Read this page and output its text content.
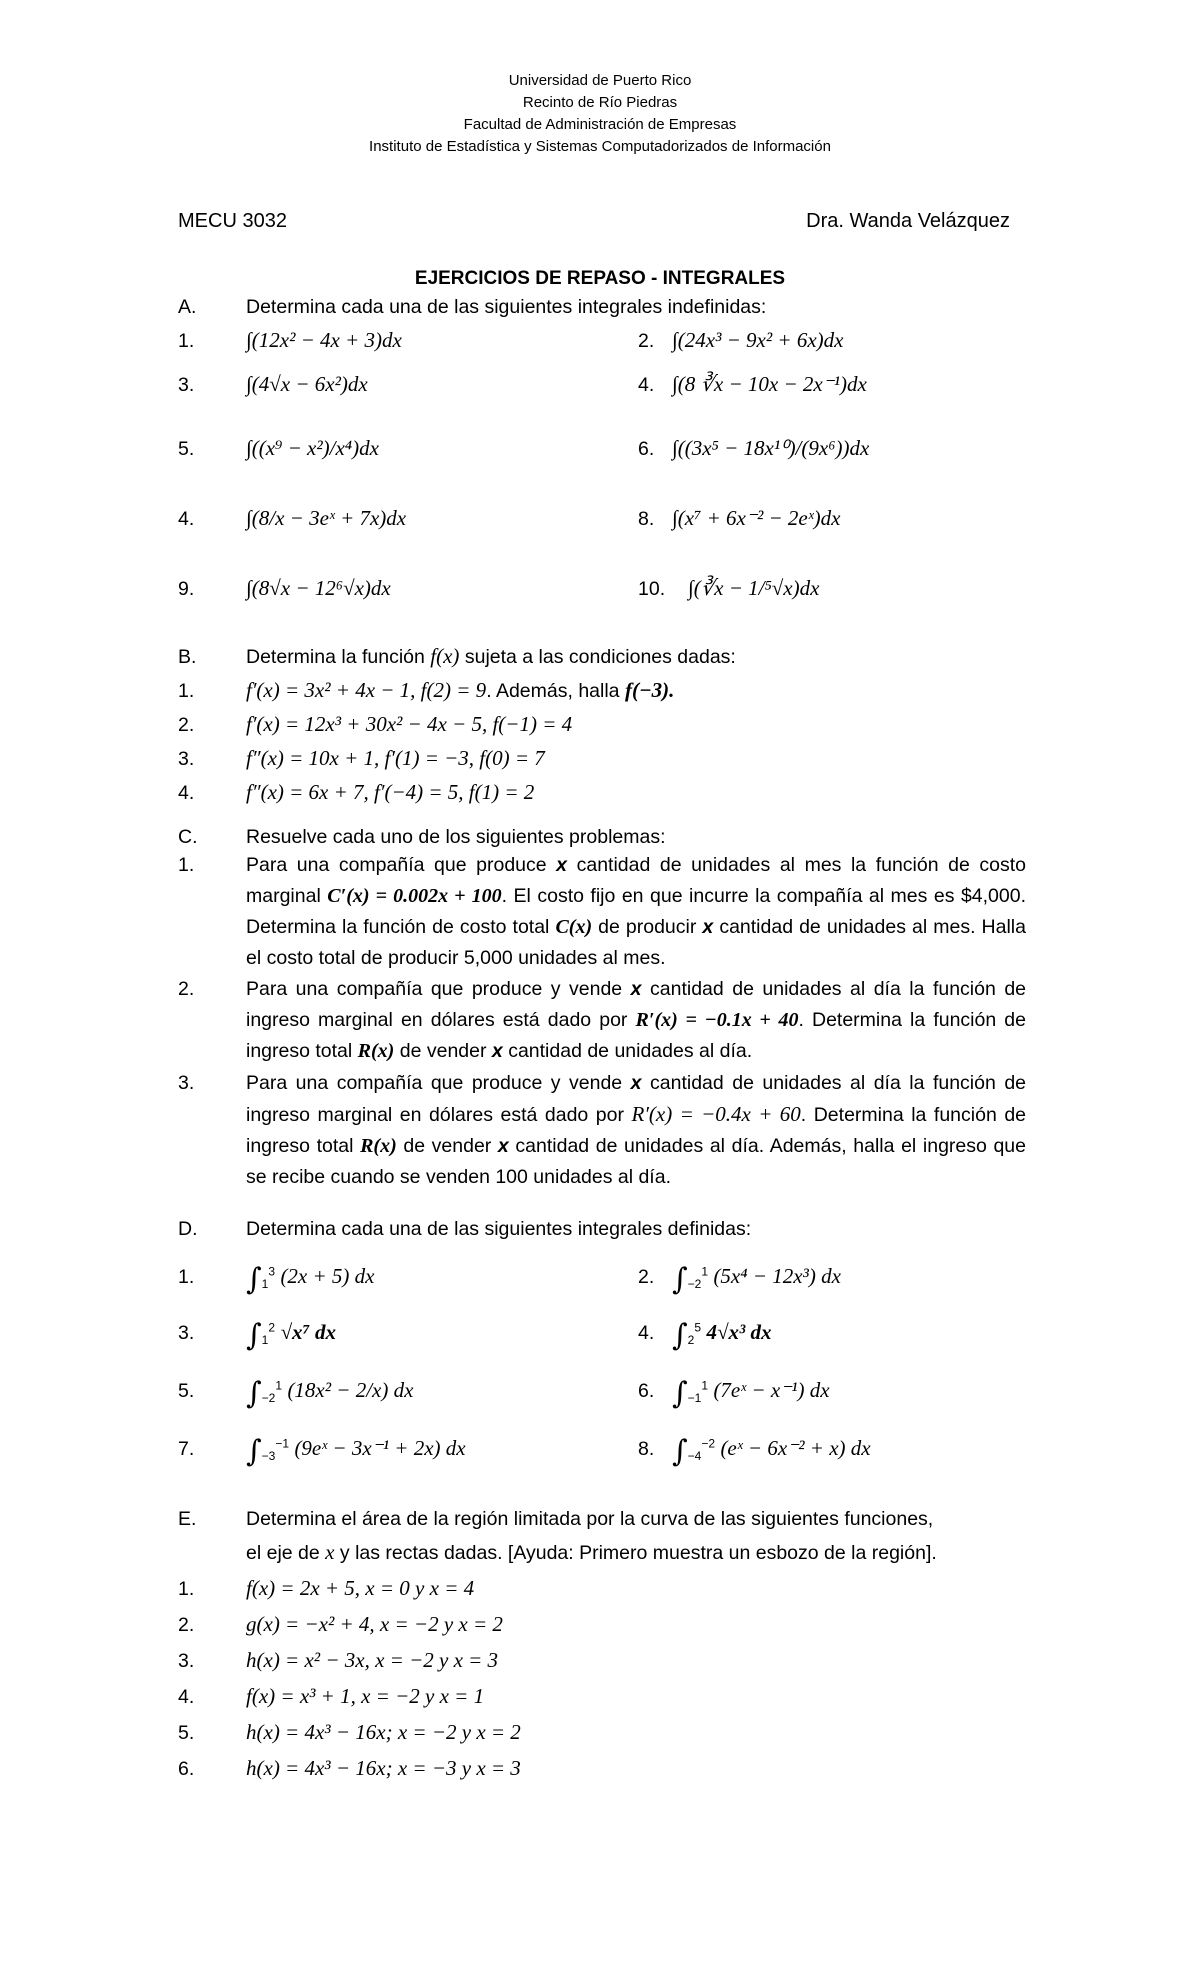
Universidad de Puerto Rico
Recinto de Río Piedras
Facultad de Administración de Empresas
Instituto de Estadística y Sistemas Computadorizados de Información
MECU 3032	Dra. Wanda Velázquez
EJERCICIOS DE REPASO - INTEGRALES
A.	Determina cada una de las siguientes integrales indefinidas:
1. ∫(12x² − 4x + 3)dx	2. ∫(24x³ − 9x² + 6x)dx
3. ∫(4√x − 6x²)dx	4. ∫(8 ∛x − 10x − 2x⁻¹)dx
5. ∫((x⁹ − x²)/x⁴)dx	6. ∫((3x⁵ − 18x¹⁰)/(9x⁶))dx
4. ∫(8/x − 3eˣ + 7x)dx	8. ∫(x⁷ + 6x⁻² − 2eˣ)dx
9. ∫(8√x − 12⁶√x)dx	10. ∫(∛x − 1/⁵√x)dx
B.	Determina la función f(x) sujeta a las condiciones dadas:
1. f′(x) = 3x² + 4x − 1, f(2) = 9. Además, halla f(−3).
2. f′(x) = 12x³ + 30x² − 4x − 5, f(−1) = 4
3. f″(x) = 10x + 1, f′(1) = −3, f(0) = 7
4. f″(x) = 6x + 7, f′(−4) = 5, f(1) = 2
C. Resuelve cada uno de los siguientes problemas:
1.	Para una compañía que produce x cantidad de unidades al mes la función de costo marginal C′(x) = 0.002x + 100. El costo fijo en que incurre la compañía al mes es $4,000. Determina la función de costo total C(x) de producir x cantidad de unidades al mes. Halla el costo total de producir 5,000 unidades al mes.
2.	Para una compañía que produce y vende x cantidad de unidades al día la función de ingreso marginal en dólares está dado por R′(x) = −0.1x + 40. Determina la función de ingreso total R(x) de vender x cantidad de unidades al día.
3.	Para una compañía que produce y vende x cantidad de unidades al día la función de ingreso marginal en dólares está dado por R′(x) = −0.4x + 60. Determina la función de ingreso total R(x) de vender x cantidad de unidades al día. Además, halla el ingreso que se recibe cuando se venden 100 unidades al día.
D. Determina cada una de las siguientes integrales definidas:
1. $\int_1^3$ (2x + 5) dx	2. $\int_{-2}^1$ (5x⁴ − 12x³) dx
3. $\int_1^2$ √x⁷ dx	4. $\int_2^5$ 4√x³ dx
5. $\int_{-2}^1$ (18x² − 2/x) dx	6. $\int_{-1}^1$ (7eˣ − x⁻¹) dx
7. $\int_{-3}^{-1}$ (9eˣ − 3x⁻¹ + 2x) dx	8. $\int_{-4}^{-2}$ (eˣ − 6x⁻² + x) dx
E.	Determina el área de la región limitada por la curva de las siguientes funciones,
el eje de x y las rectas dadas. [Ayuda: Primero muestra un esbozo de la región].
1. f(x) = 2x + 5, x = 0 y x = 4
2. g(x) = −x² + 4, x = −2 y x = 2
3. h(x) = x² − 3x, x = −2 y x = 3
4. f(x) = x³ + 1, x = −2 y x = 1
5. h(x) = 4x³ − 16x; x = −2 y x = 2
6. h(x) = 4x³ − 16x; x = −3 y x = 3
